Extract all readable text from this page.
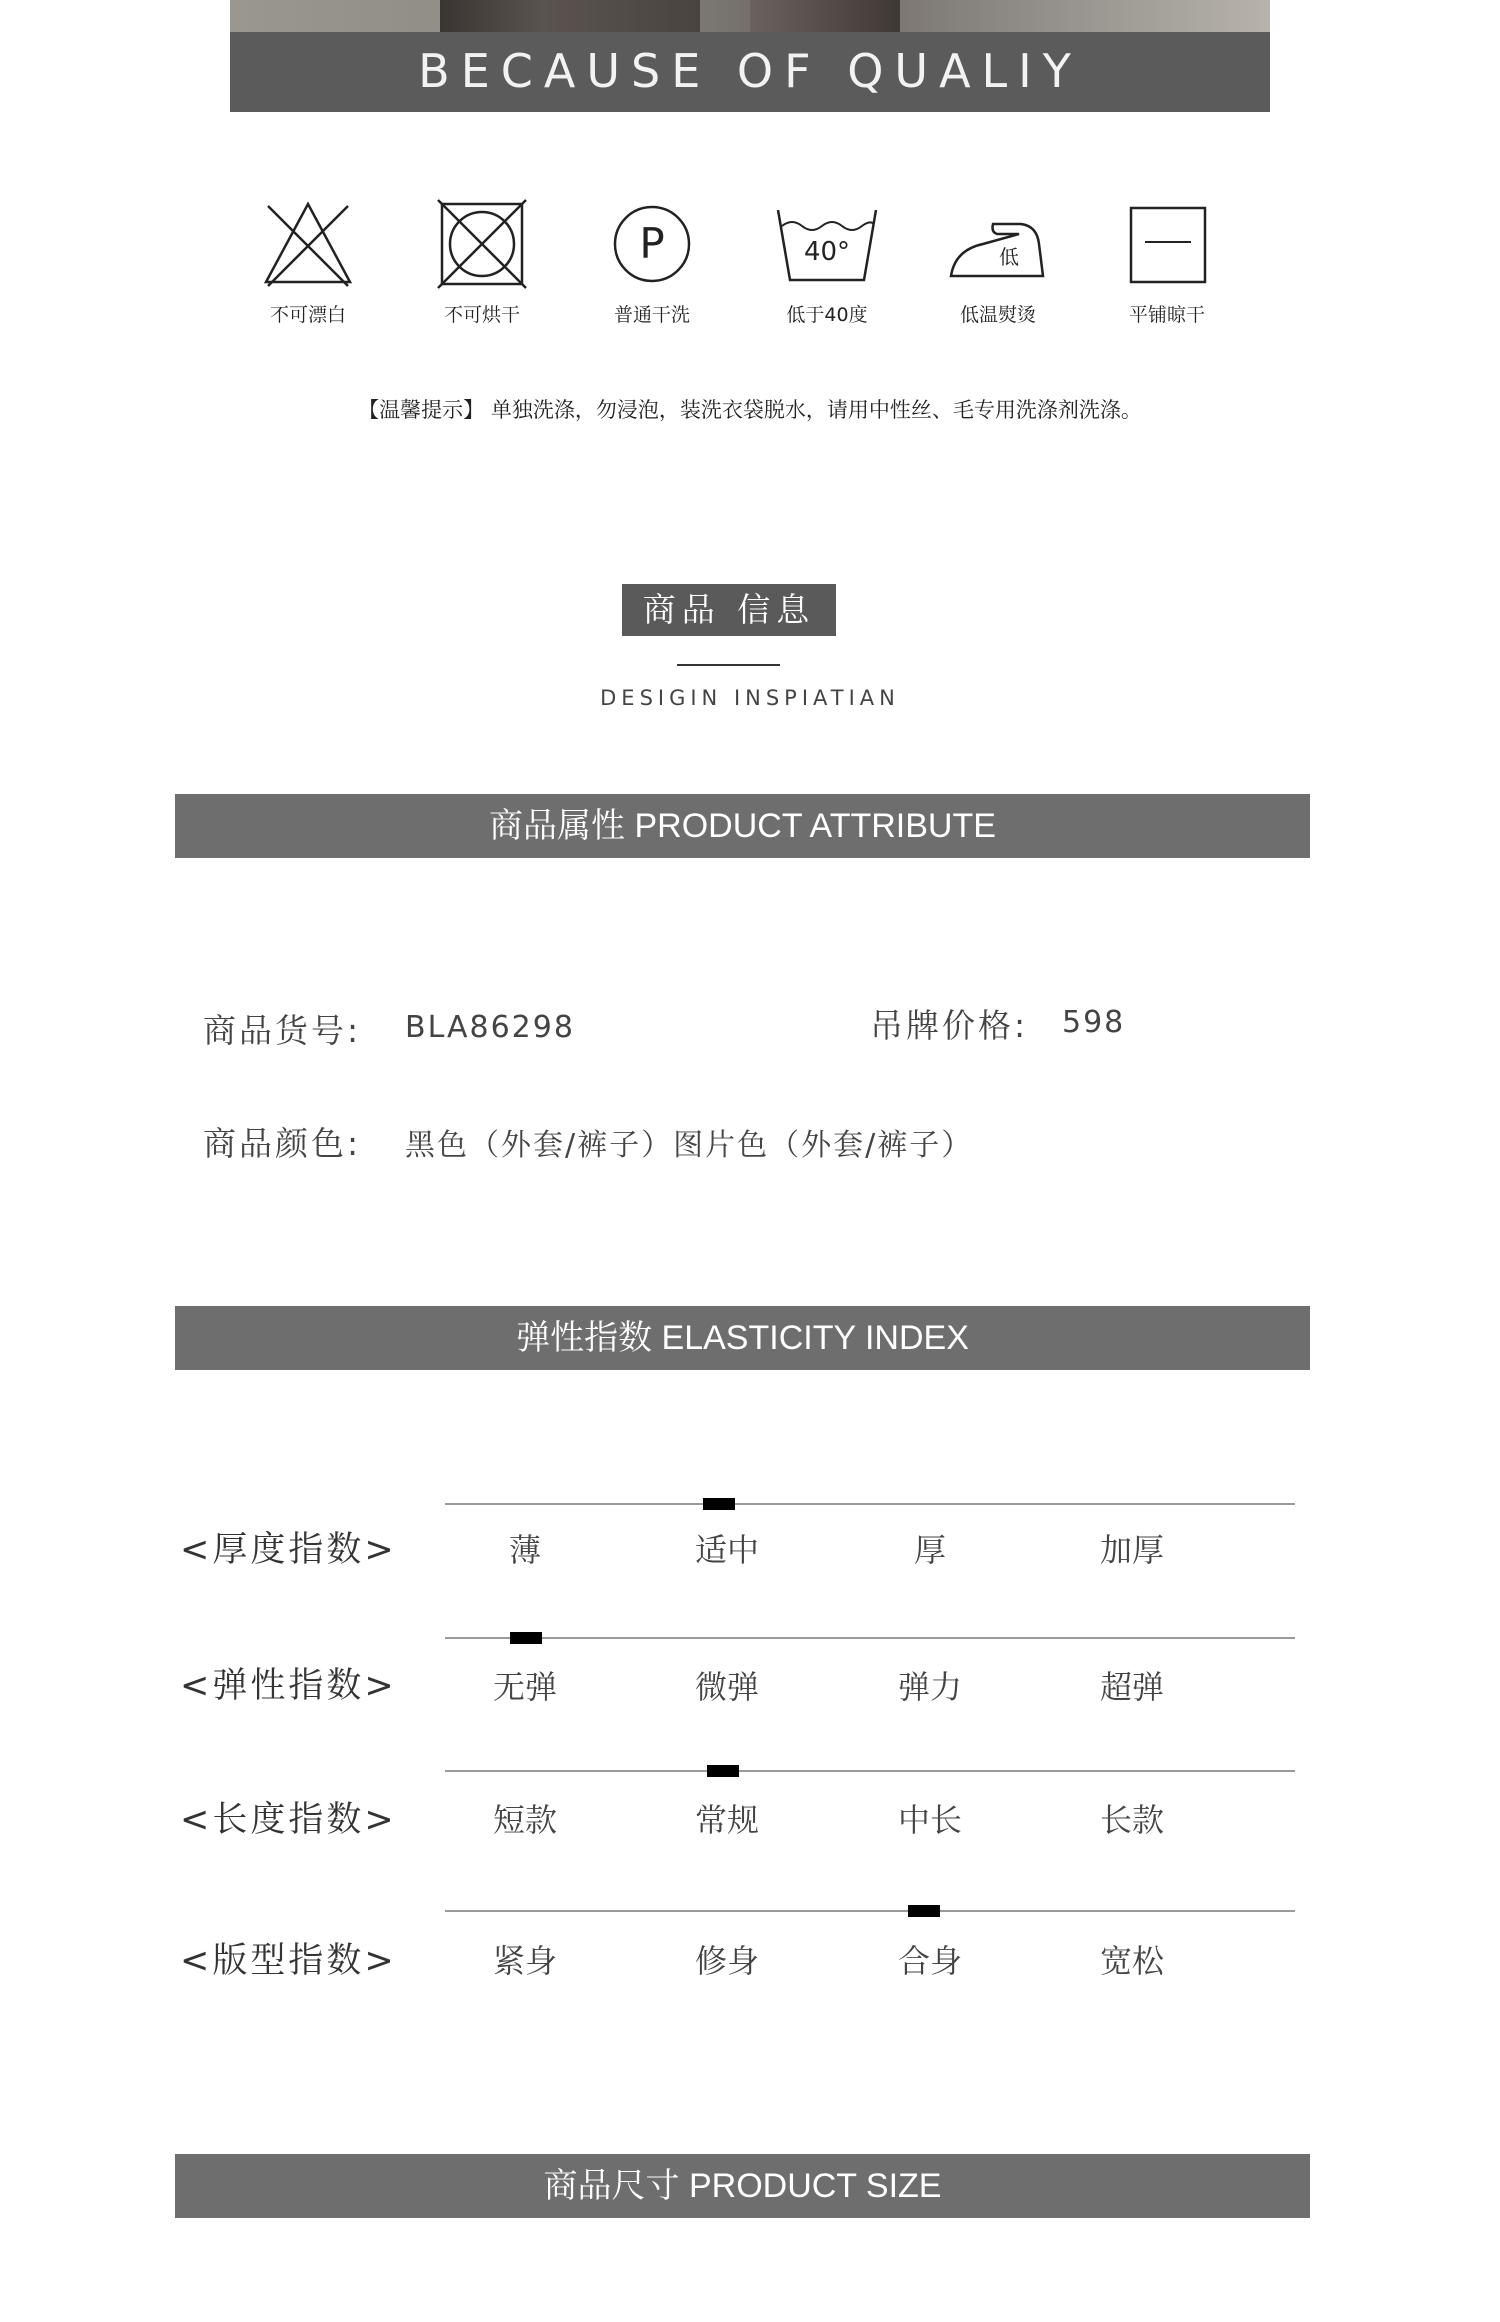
BECAUSE OF QUALIY
不可漂白	不可烘干
P
普通干洗
40°
低于40度
低
低温熨烫	平铺晾干
【温馨提示】 单独洗涤，勿浸泡，装洗衣袋脱水，请用中性丝、毛专用洗涤剂洗涤。
商品 信息
DESIGIN INSPIATIAN
商品属性 PRODUCT ATTRIBUTE
商品货号: BLA86298	吊牌价格: 598
商品颜色: 黑色（外套/裤子）图片色（外套/裤子）
弹性指数 ELASTICITY INDEX
<厚度指数>	薄	适中	厚	加厚
<弹性指数>	无弹	微弹	弹力	超弹
<长度指数>	短款	常规	中长	长款
<版型指数>	紧身	修身	合身	宽松
商品尺寸 PRODUCT SIZE
